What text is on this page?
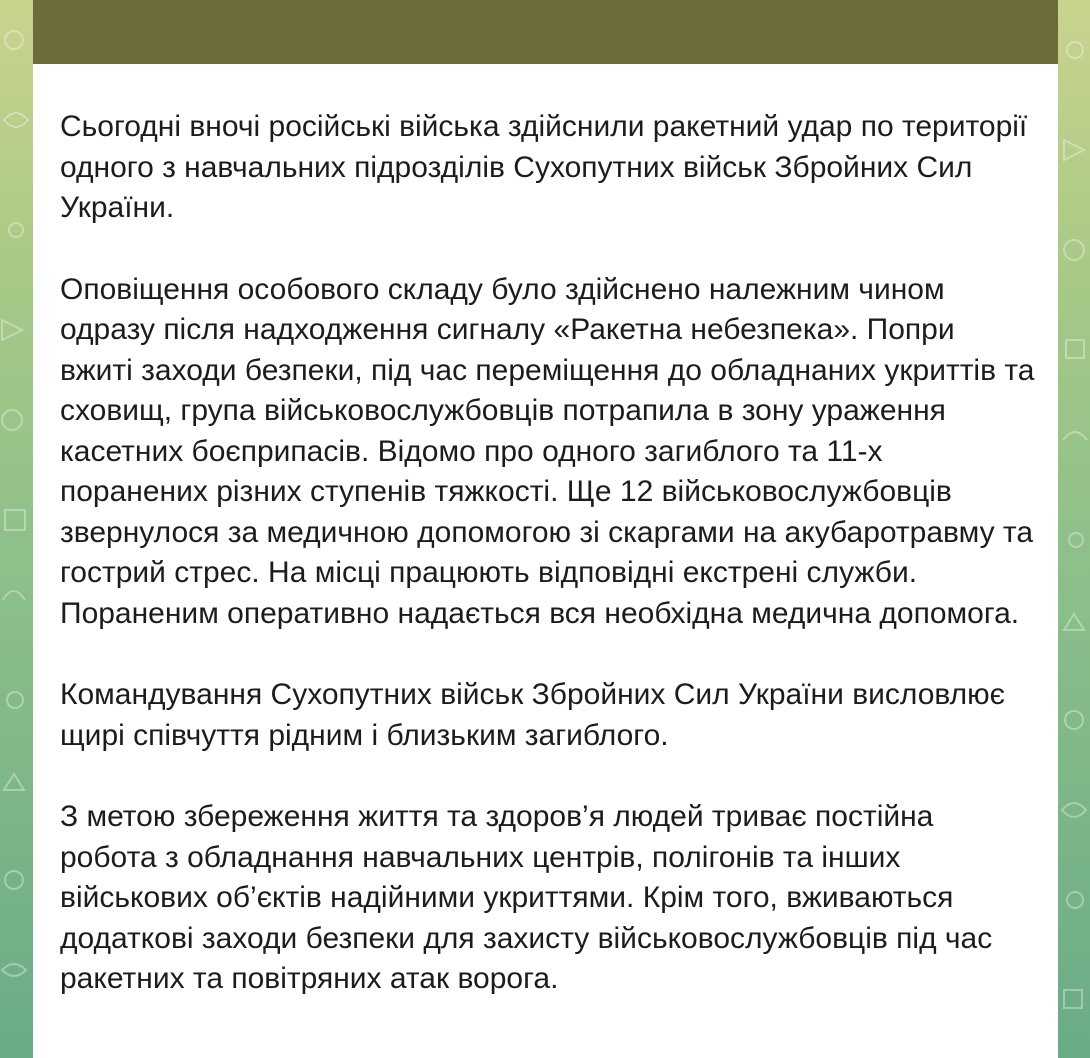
Сьогодні вночі російські війська здійснили ракетний удар по території одного з навчальних підрозділів Сухопутних військ Збройних Сил України.

Оповіщення особового складу було здійснено належним чином одразу після надходження сигналу «Ракетна небезпека». Попри вжиті заходи безпеки, під час переміщення до обладнаних укриттів та сховищ, група військовослужбовців потрапила в зону ураження касетних боєприпасів. Відомо про одного загиблого та 11-х поранених різних ступенів тяжкості. Ще 12 військовослужбовців звернулося за медичною допомогою зі скаргами на акубаротравму та гострий стрес. На місці працюють відповідні екстрені служби. Пораненим оперативно надається вся необхідна медична допомога.

Командування Сухопутних військ Збройних Сил України висловлює щирі співчуття рідним і близьким загиблого.

З метою збереження життя та здоров’я людей триває постійна робота з обладнання навчальних центрів, полігонів та інших військових об’єктів надійними укриттями. Крім того, вживаються додаткові заходи безпеки для захисту військовослужбовців під час ракетних та повітряних атак ворога.
